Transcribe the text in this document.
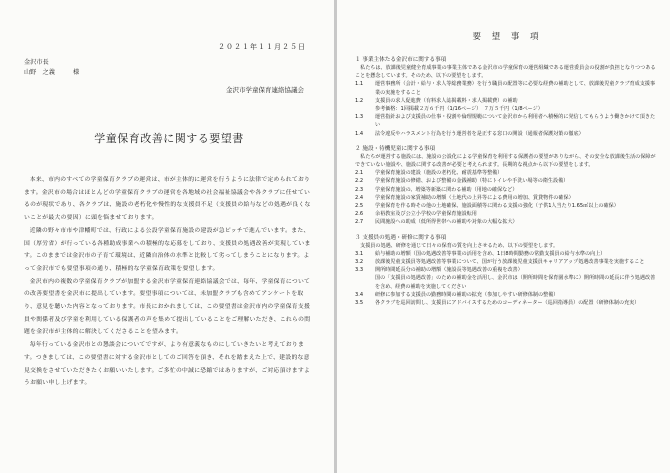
２０２１年１１月２５日
金沢市長
山野　之義	様
金沢市学童保育連絡協議会
学童保育改善に関する要望書

本来、市内のすべての学童保育クラブの運営は、市が主体的に運営を行うように法律で定められております。金沢市の場合はほとんどの学童保育クラブの運営を各地域の社会福祉協議会や各クラブに任せているのが現状であり、各クラブは、施設の老朽化や慢性的な支援員不足（支援員の給与などの処遇が良くないことが最大の要因）に頭を悩ませております。

近隣の野々市市や津幡町では、行政による公設学童保育施設の建設が急ピッチで進んでいます。また、国（厚労省）が行っている各種助成事業への積極的な応募をしており、支援員の処遇改善が実現しています。このままでは金沢市の子育て環境は、近隣自治体の水準と比較して劣ってしまうことになります。よって金沢市でも要望事項の通り、積極的な学童保育政策を要望します。

金沢市内の複数の学童保育クラブが加盟する金沢市学童保育連絡協議会では、毎年、学童保育についての改善要望書を金沢市に提出しています。要望事項については、未加盟クラブも含めてアンケートを取り、意見を聴いた内容となっております。市長におかれましては、この要望書は金沢市内の学童保育支援員や関係者及び学童を利用している保護者の声を集めて提出していることをご理解いただき、これらの問題を金沢市が主体的に解決してくださることを望みます。

毎年行っている金沢市との懇談会についてですが、より有意義なものにしていきたいと考えております。つきましては、この要望書に対する金沢市としてのご回答を頂き、それを踏まえた上で、建設的な意見交換をさせていただきたくお願いいたします。ご多忙の中誠に恐縮ではありますが、ご対応頂けますようお願い申し上げます。

要 望 事 項
１ 事業主体たる金沢市に関する事項
私たちは、放課後児童健全育成事業の事業主体である金沢市の学童保育の運営組織である運営委員会の役割が負担となりつつあることを懸念しています。そのため、以下の要望をします。
1.1	運営事務所（会計・給与・求人等総務業務）を行う職員の配置等に必要な経費の補助として、放課後児童クラブ育成支援事業の実施をすること
1.2	支援員の求人促進費（有料求人誌掲載料・求人掲載費）の補助
参考価格：1回掲載２万６千円（1/16ページ）　７万５千円（1/8ページ）
1.3	運営指針および支援員の仕事・役割や倫理規範について金沢市から利用者へ積極的に発信してもらうよう働きかけて頂きたい
1.4	法令違反やハラスメント行為を行う運営者を是正する窓口の開設（通報者保護対策の徹底）
２ 施設・待機児童に関する事項
私たちが運営する施設には、施設の公設化による学童保育を利用する保護者の要望がありながら、その安全な放課後生活の保障ができていない施設や、施設に関する改善が必要と考えられます。長期的な視点から以下の要望をします。
2.1	学童保育施設の建設（施設の老朽化、耐震基準等整備）
2.2	学童保育施設の修繕、および整備の金銭補助（特にトイレや手洗い場等の衛生設備）
2.3	学童保育施設の、増築等新築に関わる補助（用地の確保など）
2.4	学童保育施設の家賃補助の増額（土地代の上昇等による費用の増加、賃貸物件の確保）
2.5	学童保育を作る時その他の土地確保、施設面積等に関わる支援の強化（子供1人当たり1.65㎡以上の確保）
2.6	余裕教室及び公立小学校の学童保育施設転用
2.7	民間施設への助成（低所得世帯への補助や対象の大幅な拡大）
３ 支援員の処遇・研修に関する事項
支援員の処遇、研修を通じて日々の保育の質を向上させるため、以下の要望をします。
3.1	給与補助の増額（国の処遇改善等事業の活用を含め、1日8時間勤務の常勤支援員の給与水準の向上）
3.2	放課後児童支援員等処遇改善等事業について、国が行う放課後児童支援員キャリアアップ処遇改善事業を実施すること
3.3	開所時間延長分の補助の増額（施設長等処遇改善の重複を改善）
国の「支援員の処遇改善」のための補助金を活用し、金沢市は（開所時間を保育園水準に）開所時間の延長に伴う処遇改善を含め、経費の補助を実施してください
3.4	研修に参加する支援員の勤務時間の補助の拡充（参加しやすい研修体制の整備）
3.5	各クラブを巡回訪問し、支援員にアドバイスするためのコーディネーター（巡回指導員）の配置（研修体制の充実）
